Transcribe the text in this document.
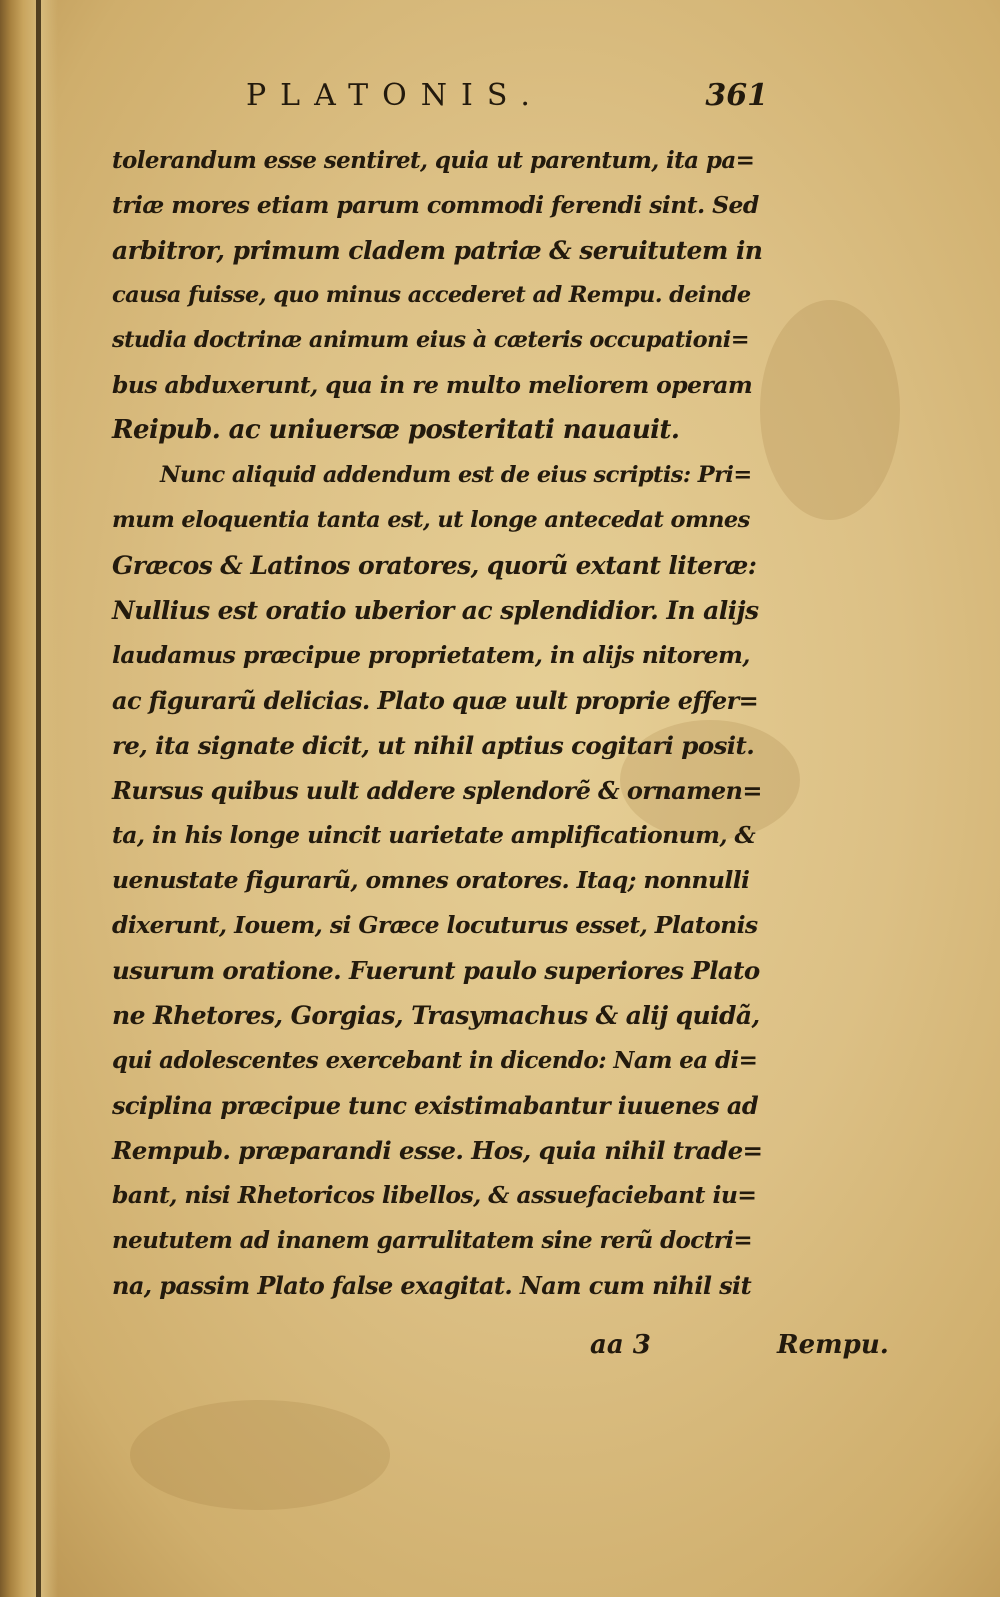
PLATONIS.	361
tolerandum esse sentiret, quia ut parentum, ita pa=
triæ mores etiam parum commodi ferendi sint. Sed
arbitror, primum cladem patriæ & seruitutem in
causa fuisse, quo minus accederet ad Rempu. deinde
studia doctrinæ animum eius à cæteris occupationi=
bus abduxerunt, qua in re multo meliorem operam
Reipub. ac uniuersæ posteritati nauauit.
Nunc aliquid addendum est de eius scriptis: Pri=
mum eloquentia tanta est, ut longe antecedat omnes
Græcos & Latinos oratores, quorũ extant literæ:
Nullius est oratio uberior ac splendidior. In alijs
laudamus præcipue proprietatem, in alijs nitorem,
ac figurarũ delicias. Plato quæ uult proprie effer=
re, ita signate dicit, ut nihil aptius cogitari posit.
Rursus quibus uult addere splendorẽ & ornamen=
ta, in his longe uincit uarietate amplificationum, &
uenustate figurarũ, omnes oratores. Itaq; nonnulli
dixerunt, Iouem, si Græce locuturus esset, Platonis
usurum oratione. Fuerunt paulo superiores Plato
ne Rhetores, Gorgias, Trasymachus & alij quidã,
qui adolescentes exercebant in dicendo: Nam ea di=
sciplina præcipue tunc existimabantur iuuenes ad
Rempub. præparandi esse. Hos, quia nihil trade=
bant, nisi Rhetoricos libellos, & assuefaciebant iu=
neututem ad inanem garrulitatem sine rerũ doctri=
na, passim Plato false exagitat. Nam cum nihil sit
aa 3	Rempu.
